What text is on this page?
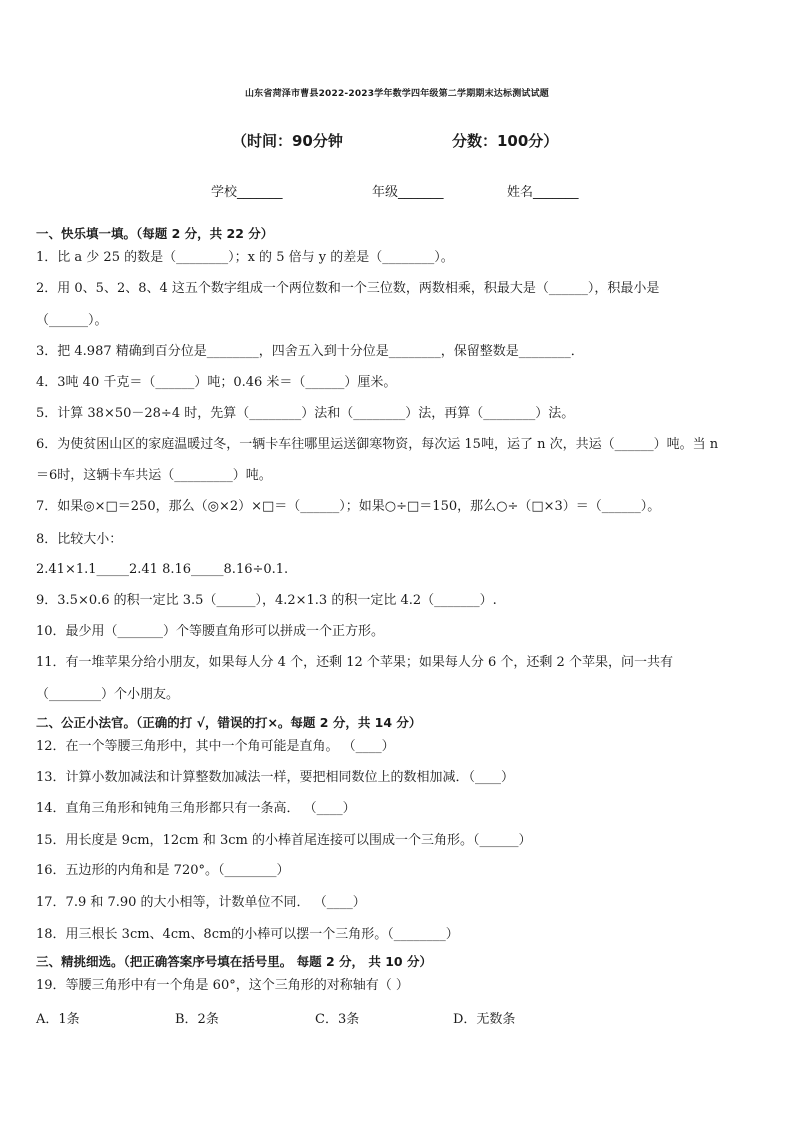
山东省菏泽市曹县2022-2023学年数学四年级第二学期期末达标测试试题
（时间：90分钟	分数：100分）
学校_______	年级_______	姓名_______
一、快乐填一填。（每题 2 分，共 22 分）
1．比 a 少 25 的数是（________）；x 的 5 倍与 y 的差是（________）。
2．用 0、5、2、8、4 这五个数字组成一个两位数和一个三位数，两数相乘，积最大是（______），积最小是
（______）。
3．把 4.987 精确到百分位是________，四舍五入到十分位是________，保留整数是________．
4．3吨 40 千克＝（______）吨；0.46 米＝（______）厘米。
5．计算 38×50－28÷4 时，先算（________）法和（________）法，再算（________）法。
6．为使贫困山区的家庭温暖过冬，一辆卡车往哪里运送御寒物资，每次运 15吨，运了 n 次，共运（______）吨。当 n
＝6时，这辆卡车共运（_________）吨。
7．如果◎×□＝250，那么（◎×2）×□＝（______）；如果○÷□＝150，那么○÷（□×3）＝（______）。
8．比较大小：
2.41×1.1_____2.41 8.16_____8.16÷0.1.
9．3.5×0.6 的积一定比 3.5（______），4.2×1.3 的积一定比 4.2（_______）.
10．最少用（_______）个等腰直角形可以拼成一个正方形。
11．有一堆苹果分给小朋友，如果每人分 4 个，还剩 12 个苹果；如果每人分 6 个，还剩 2 个苹果，问一共有
（________）个小朋友。
二、公正小法官。（正确的打 √，错误的打×。每题 2 分，共 14 分）
12．在一个等腰三角形中，其中一个角可能是直角。 （____）
13．计算小数加减法和计算整数加减法一样，要把相同数位上的数相加减．（____）
14．直角三角形和钝角三角形都只有一条高． （____）
15．用长度是 9cm，12cm 和 3cm 的小棒首尾连接可以围成一个三角形。（______）
16．五边形的内角和是 720°。（________）
17．7.9 和 7.90 的大小相等，计数单位不同． （____）
18．用三根长 3cm、4cm、8cm的小棒可以摆一个三角形。（________）
三、精挑细选。（把正确答案序号填在括号里。 每题 2 分， 共 10 分）
19．等腰三角形中有一个角是 60°，这个三角形的对称轴有（ ）
A．1条	B．2条	C．3条	D．无数条
